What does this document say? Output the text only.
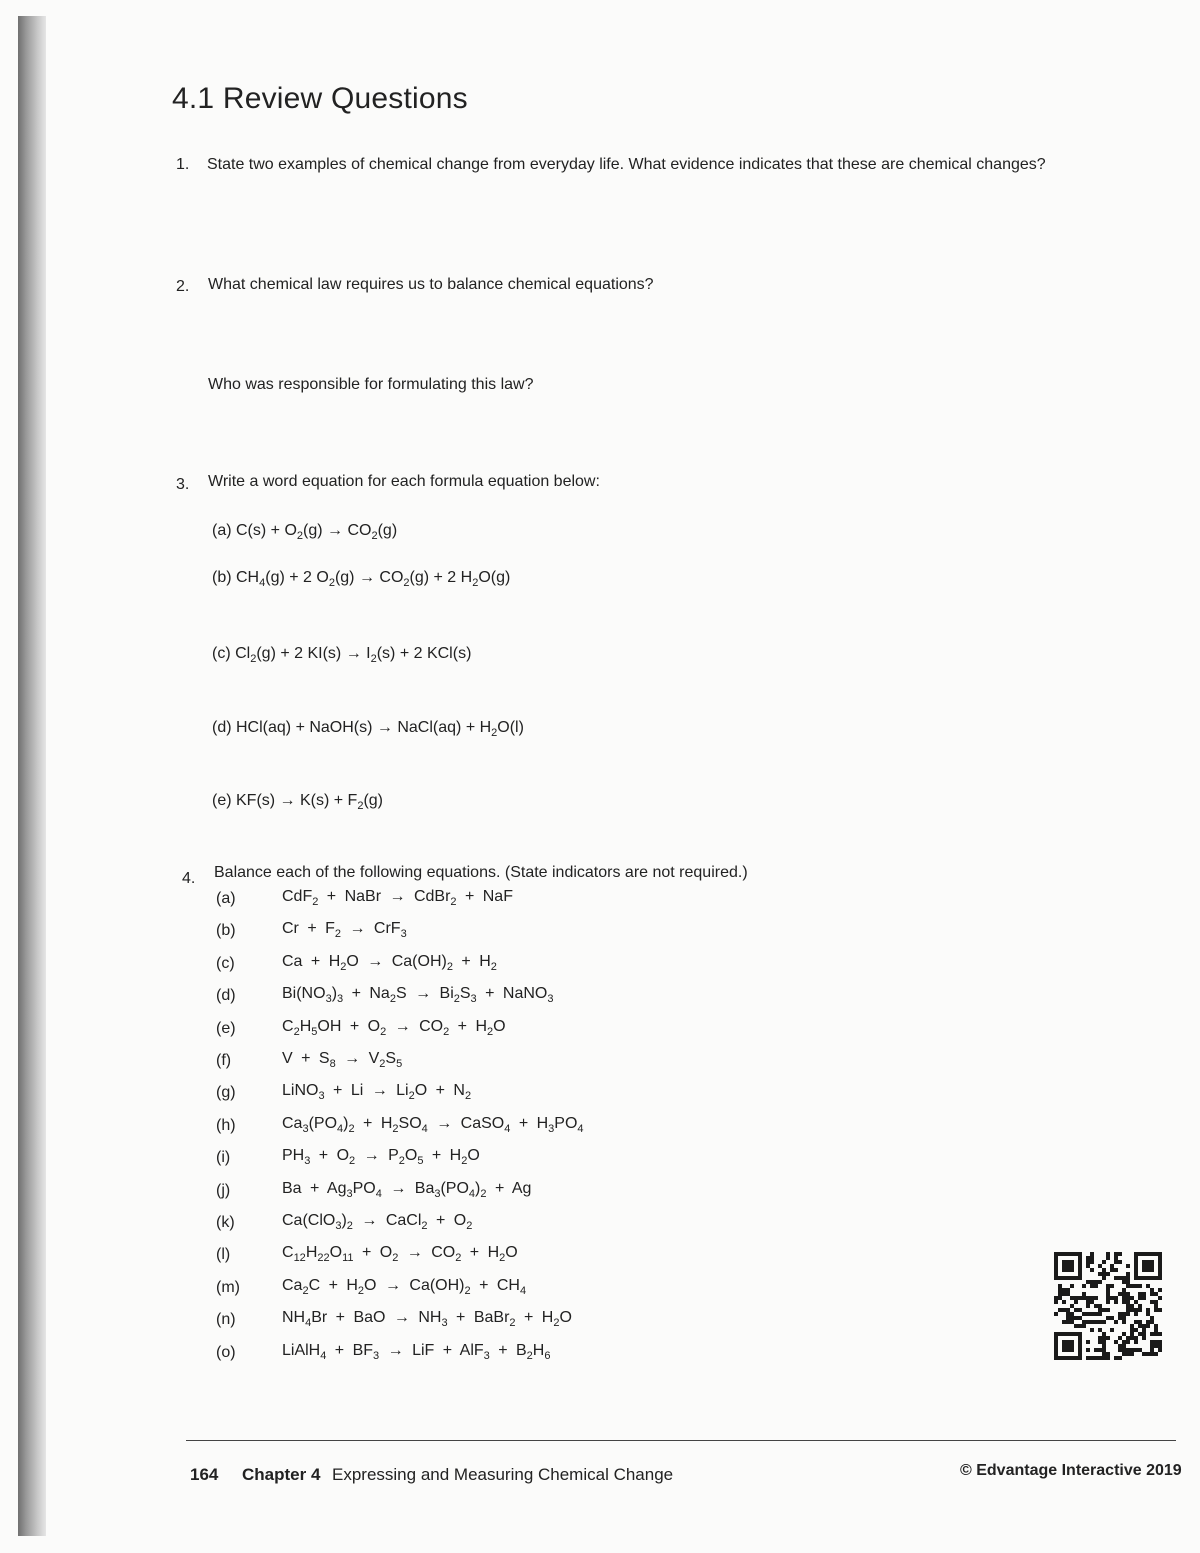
4.1 Review Questions
1. State two examples of chemical change from everyday life. What evidence indicates that these are chemical changes?
2. What chemical law requires us to balance chemical equations?
Who was responsible for formulating this law?
3. Write a word equation for each formula equation below:
(a) $C(s) + O_2(g) \to CO_2(g)$
(b) $CH_4(g) + 2$ $O_2(g) \to CO_2(g) + 2$ $H_2O(g)$
(c) $Cl_2(g) + 2$ $KI(s) \to I_2(s) + 2$ KCl(s)
(d) HCl(aq) + NaOH(s) → NaCl(aq) + $H_2O(l)$
(e) $KF(s) \to K(s) + F_2(g)$
4. Balance each of the following equations. (State indicators are not required.)
(a)	CdF$_2$ + NaBr → CdBr$_2$ + NaF
(b)	$Cr + F_2 \to CrF_3$
(c)	$Ca + H_2O \to Ca(OH)_2 + H_2$
(d)	$Bi(NO_3)_3 + Na_2S \to Bi_2S_3$ + NaNO$_3$
(e)	$C_2H_5OH + O_2 \to CO_2 + H_2O$
(f)	$V + S_8 \to V_2S_5$
(g)	LiNO$_3$ + $Li \to Li_2O + N_2$
(h)	$Ca_3(PO_4)_2 + H_2SO_4$ → CaSO$_4$ + $H_3PO_4$
(i)	$PH_3 + O_2 \to P_2O_5 + H_2O$
(j)	$Ba + Ag_3PO_4 \to Ba_3(PO_4)_2 + Ag$
(k)	$Ca(ClO_3)_2$ → CaCl$_2$ + $O_2$
(l)	$C_{12}H_{22}O_{11} + O_2 \to CO_2 + H_2O$
(m)	$Ca_2C + H_2O \to Ca(OH)_2 + CH_4$
(n)	$NH_4Br$ + BaO → $NH_3$ + BaBr$_2$ + $H_2O$
(o)	LiAlH$_4$ + $BF_3$ → LiF + $AlF_3 + B_2H_6$
164 Chapter 4 Expressing and Measuring Chemical Change	© Edvantage Interactive 2019
